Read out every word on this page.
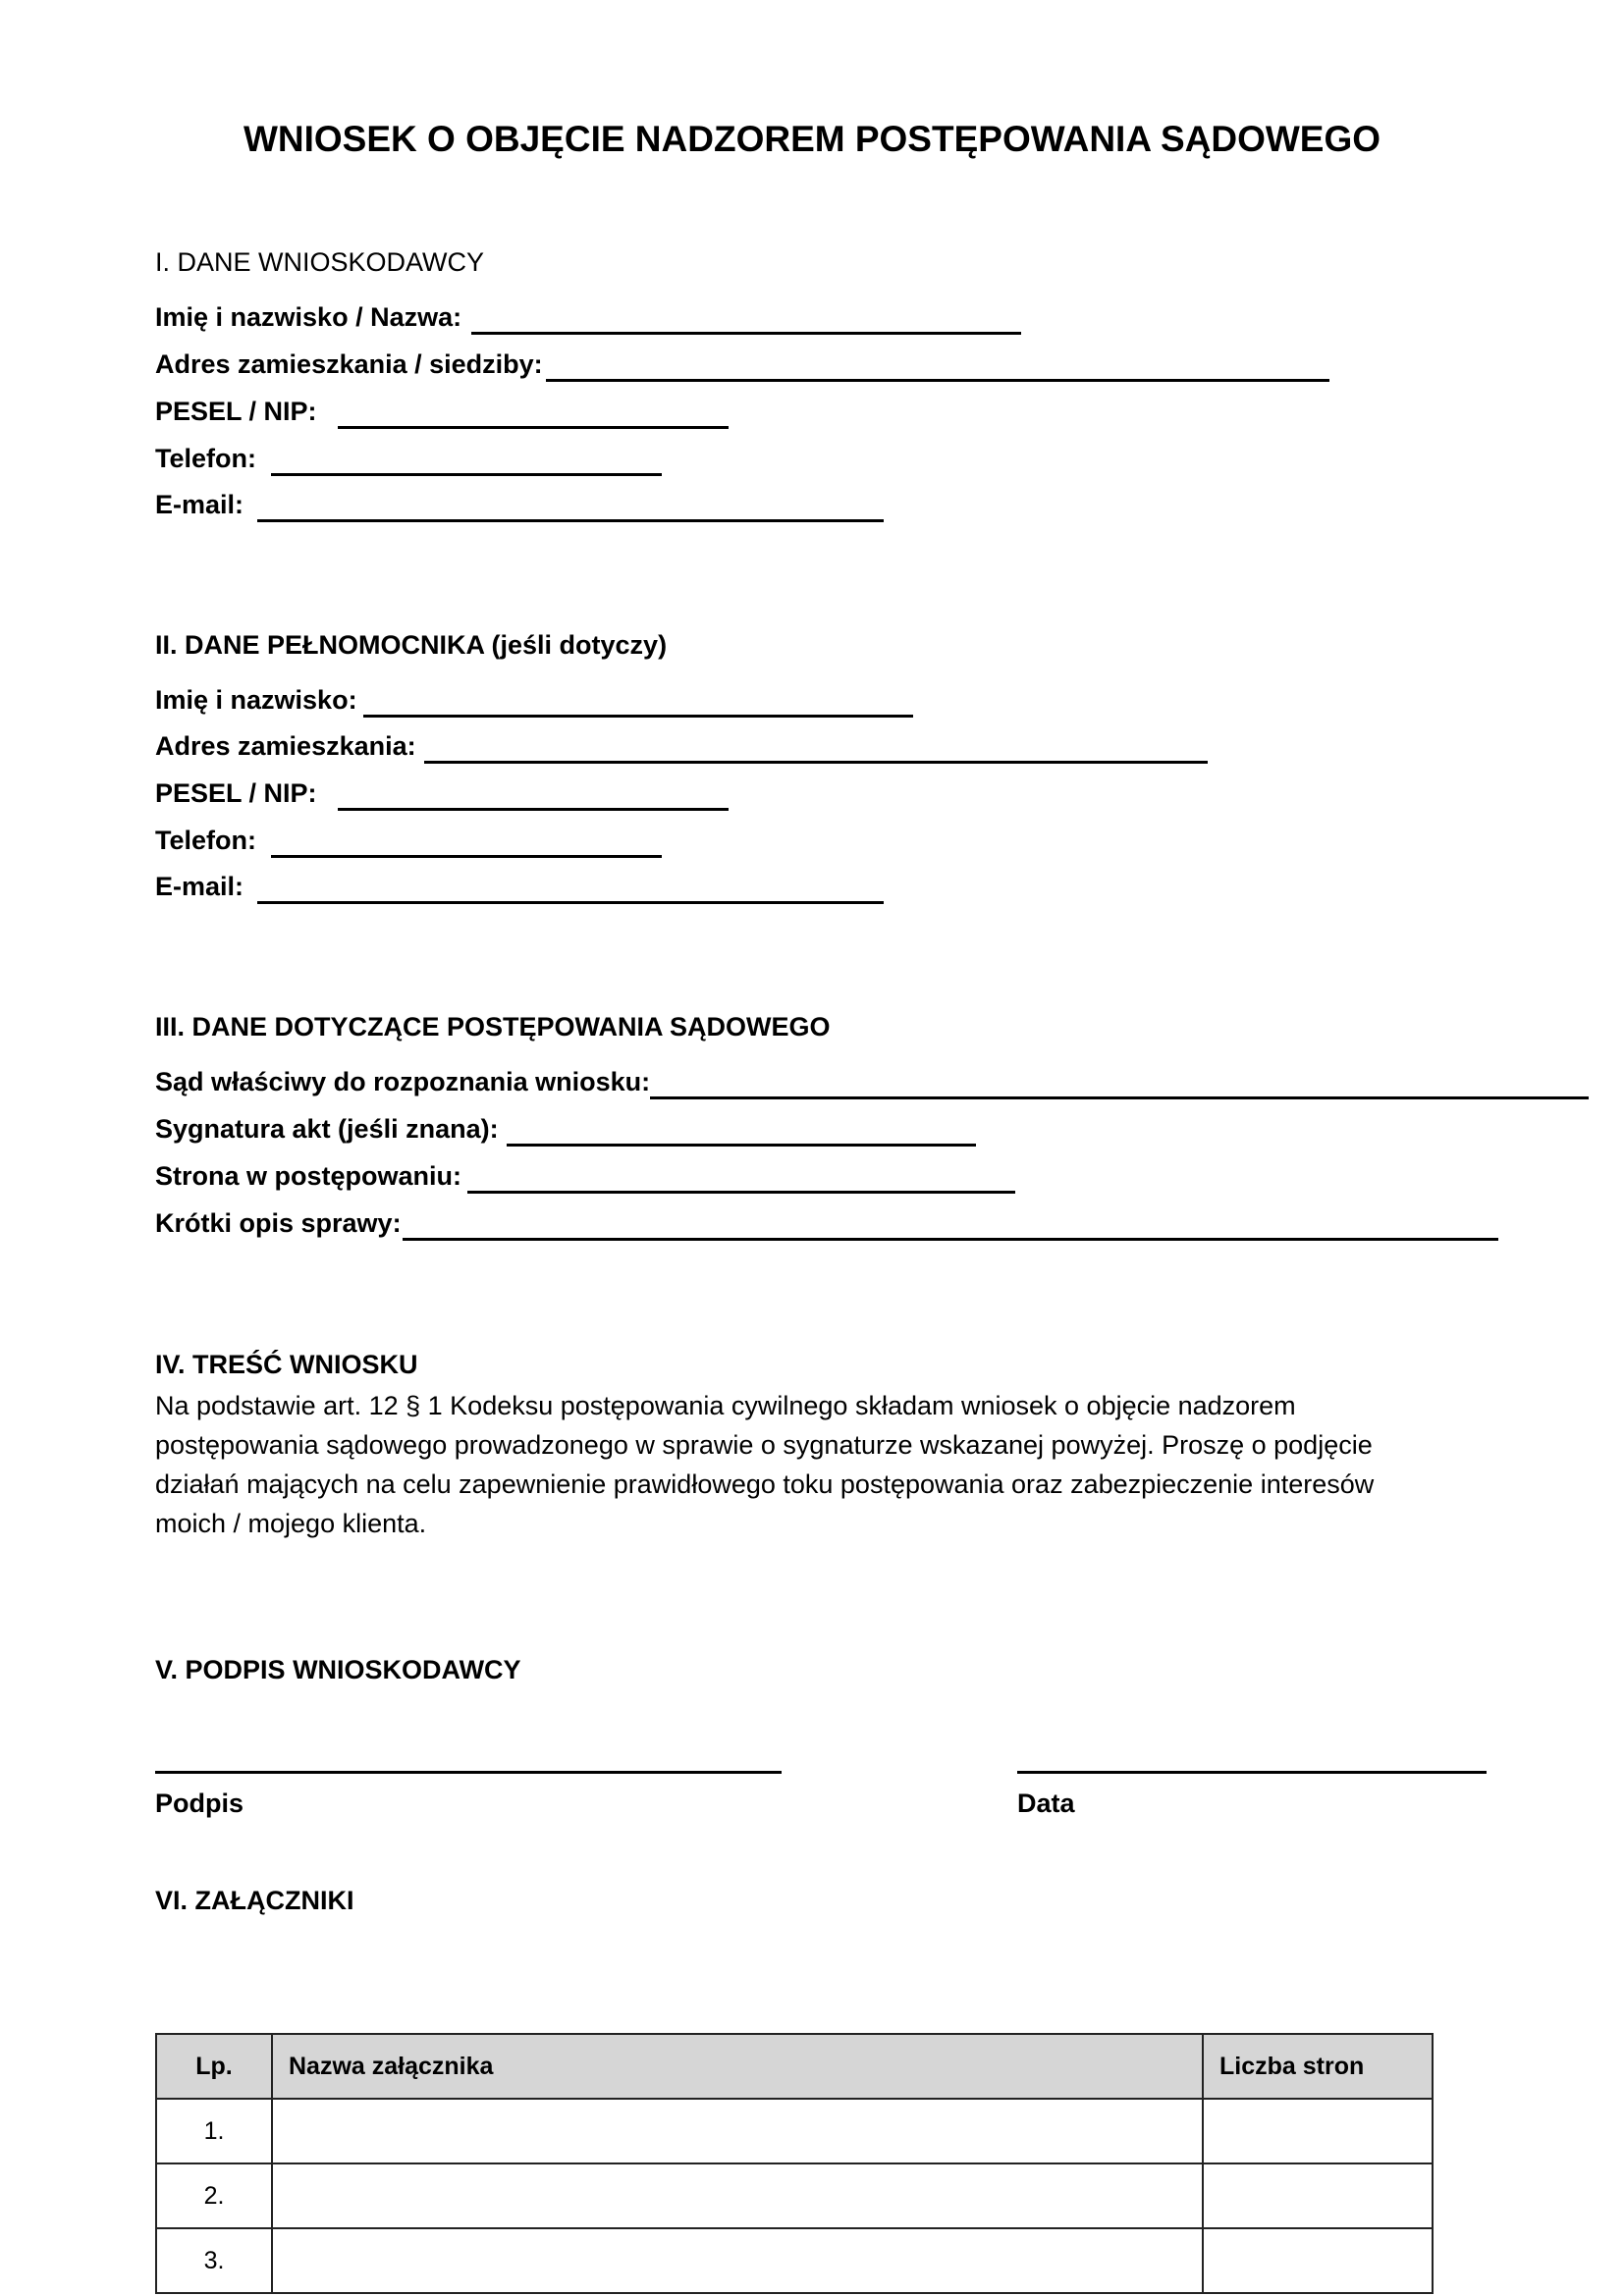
WNIOSEK O OBJĘCIE NADZOREM POSTĘPOWANIA SĄDOWEGO
I. DANE WNIOSKODAWCY
Imię i nazwisko / Nazwa:
Adres zamieszkania / siedziby:
PESEL / NIP:
Telefon:
E-mail:
II. DANE PEŁNOMOCNIKA (jeśli dotyczy)
Imię i nazwisko:
Adres zamieszkania:
PESEL / NIP:
Telefon:
E-mail:
III. DANE DOTYCZĄCE POSTĘPOWANIA SĄDOWEGO
Sąd właściwy do rozpoznania wniosku:
Sygnatura akt (jeśli znana):
Strona w postępowaniu:
Krótki opis sprawy:
IV. TREŚĆ WNIOSKU
Na podstawie art. 12 § 1 Kodeksu postępowania cywilnego składam wniosek o objęcie nadzorem postępowania sądowego prowadzonego w sprawie o sygnaturze wskazanej powyżej. Proszę o podjęcie działań mających na celu zapewnienie prawidłowego toku postępowania oraz zabezpieczenie interesów moich / mojego klienta.
V. PODPIS WNIOSKODAWCY
Podpis	Data
VI. ZAŁĄCZNIKI
Lp.	Nazwa załącznika	Liczba stron
1.		
2.		
3.		
